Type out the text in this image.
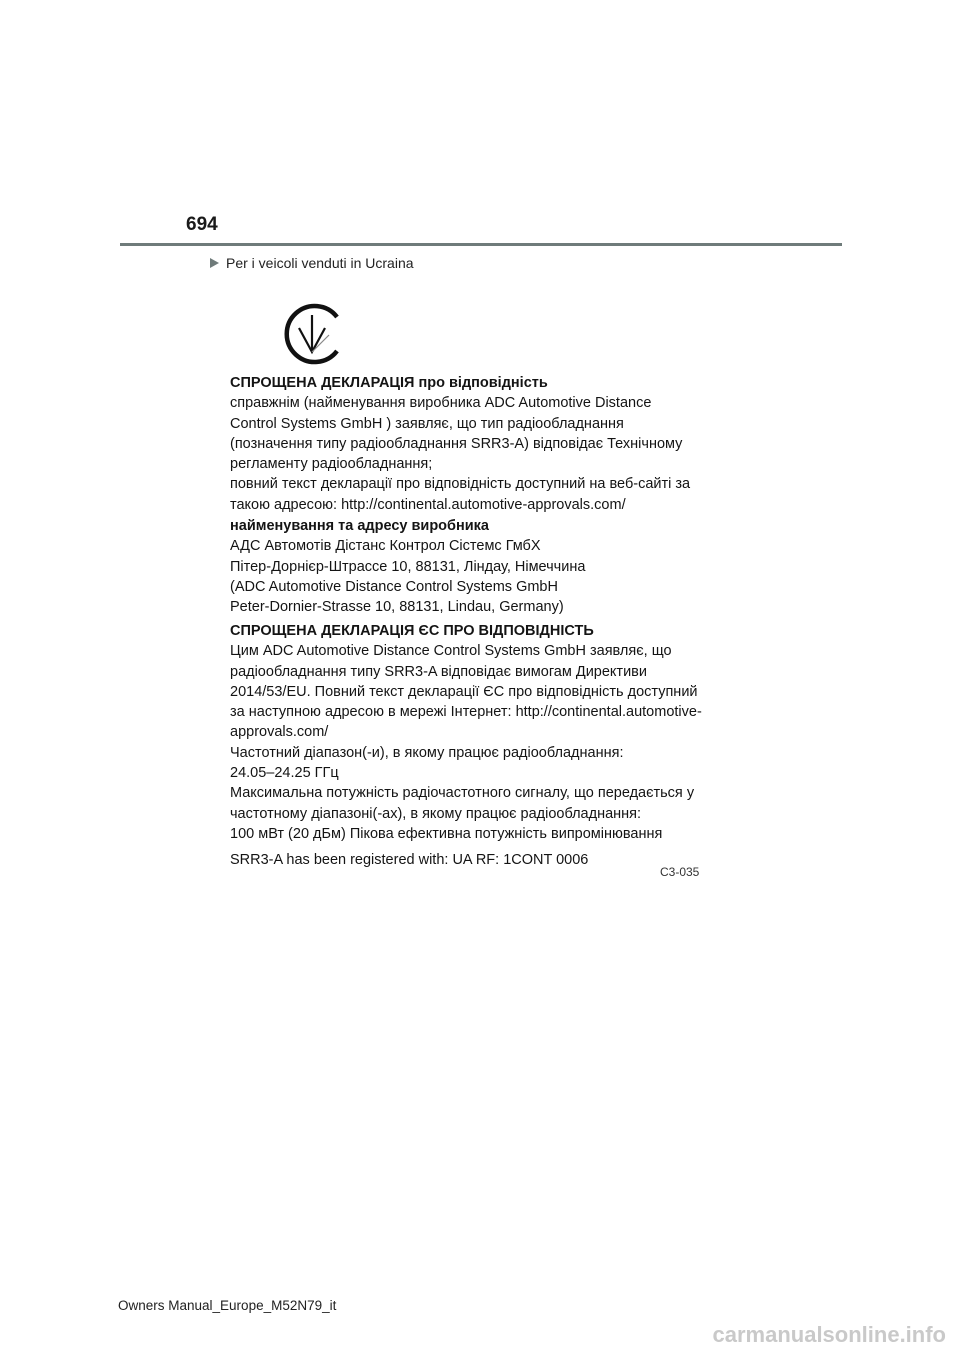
694
Per i veicoli venduti in Ucraina
СПРОЩЕНА ДЕКЛАРАЦІЯ про відповідність
справжнім (найменування виробника ADC Automotive Distance
Control Systems GmbH ) заявляє, що тип радіообладнання
(позначення типу радіообладнання SRR3-A) відповідає Технічному
регламенту радіообладнання;
повний текст декларації про відповідність доступний на веб-сайті за
такою адресою: http://continental.automotive-approvals.com/
найменування та адресу виробника
АДС Автомотів Дістанс Контрол Сістемс ГмбХ
Пітер-Дорнієр-Штрассе 10, 88131, Ліндау, Німеччина
(ADC Automotive Distance Control Systems GmbH
Peter-Dornier-Strasse 10, 88131, Lindau, Germany)
СПРОЩЕНА ДЕКЛАРАЦІЯ ЄС ПРО ВІДПОВІДНІСТЬ
Цим ADC Automotive Distance Control Systems GmbH заявляє, що
радіообладнання типу SRR3-A відповідає вимогам Директиви
2014/53/EU. Повний текст декларації ЄС про відповідність доступний
за наступною адресою в мережі Інтернет: http://continental.automotive-
approvals.com/
Частотний діапазон(-и), в якому працює радіообладнання:
24.05–24.25 ГГц
Максимальна потужність радіочастотного сигналу, що передається у
частотному діапазоні(-ах), в якому працює радіообладнання:
100 мВт (20 дБм) Пікова ефективна потужність випромінювання
SRR3-A has been registered with: UA RF: 1CONT 0006
C3-035
Owners Manual_Europe_M52N79_it
carmanualsonline.info
